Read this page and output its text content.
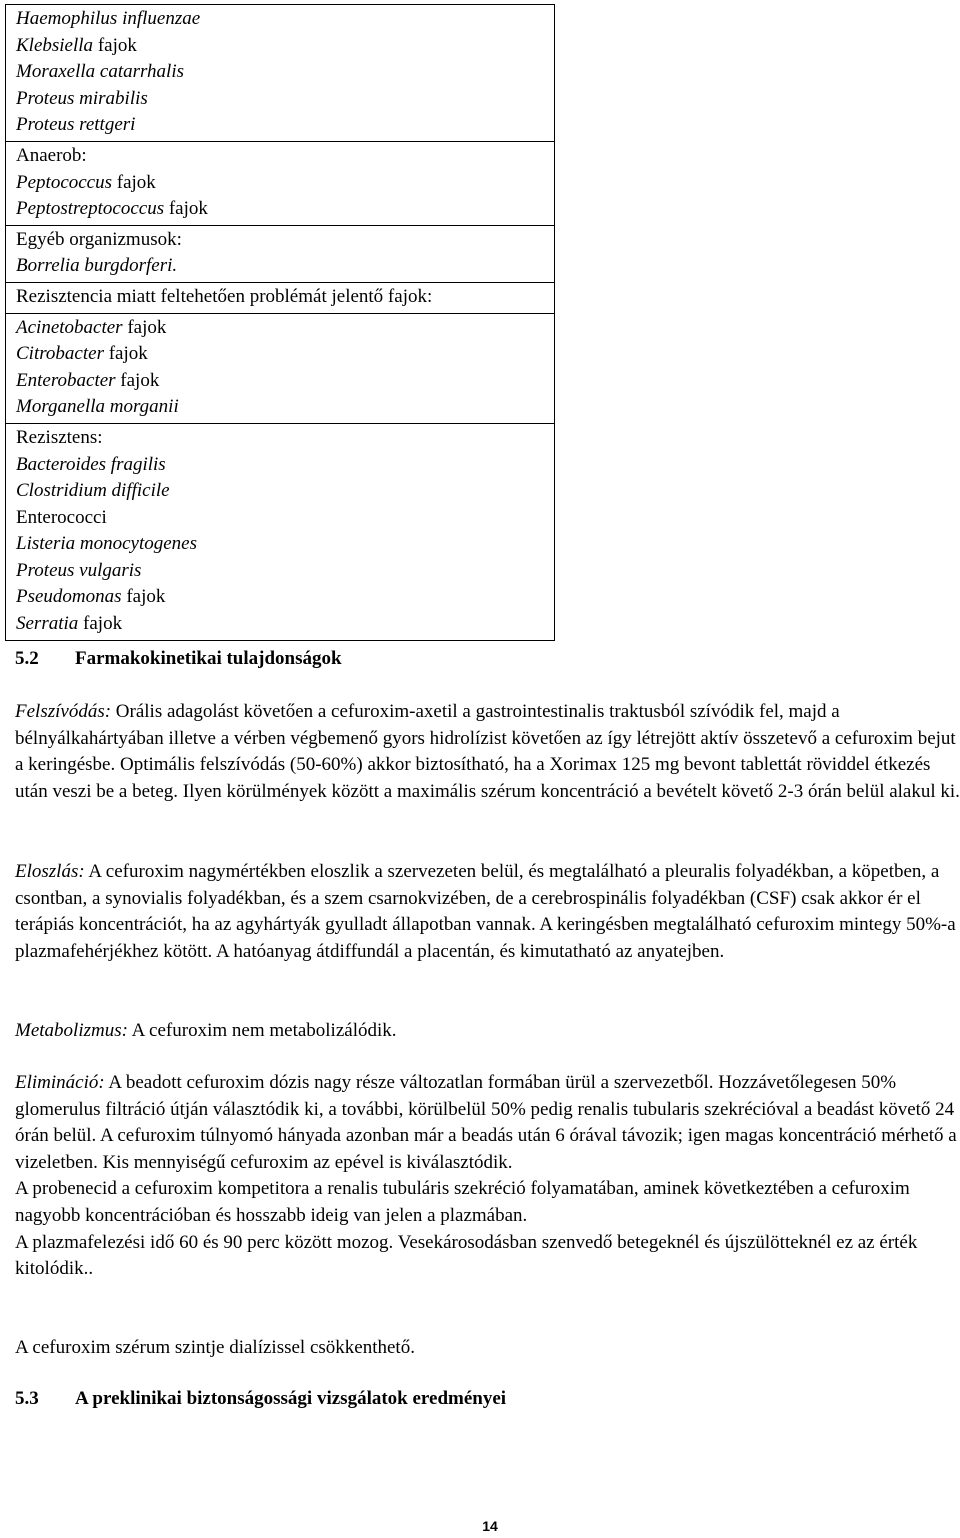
Haemophilus influenzae
Klebsiella fajok
Moraxella catarrhalis
Proteus mirabilis
Proteus rettgeri

Anaerob:
Peptococcus fajok
Peptostreptococcus fajok

Egyéb organizmusok:
Borrelia burgdorferi.

Rezisztencia miatt feltehetően problémát jelentő fajok:

Acinetobacter fajok
Citrobacter fajok
Enterobacter fajok
Morganella morganii

Rezisztens:
Bacteroides fragilis
Clostridium difficile
Enterococci
Listeria monocytogenes
Proteus vulgaris
Pseudomonas fajok
Serratia fajok
5.2 Farmakokinetikai tulajdonságok

Felszívódás: Orális adagolást követően a cefuroxim-axetil a gastrointestinalis traktusból szívódik fel, majd a bélnyálkahártyában illetve a vérben végbemenő gyors hidrolízist követően az így létrejött aktív összetevő a cefuroxim bejut a keringésbe. Optimális felszívódás (50-60%) akkor biztosítható, ha a Xorimax 125 mg bevont tablettát röviddel étkezés után veszi be a beteg. Ilyen körülmények között a maximális szérum koncentráció a bevételt követő 2-3 órán belül alakul ki.

Eloszlás: A cefuroxim nagymértékben eloszlik a szervezeten belül, és megtalálható a pleuralis folyadékban, a köpetben, a csontban, a synovialis folyadékban, és a szem csarnokvizében, de a cerebrospinális folyadékban (CSF) csak akkor ér el terápiás koncentrációt, ha az agyhártyák gyulladt állapotban vannak. A keringésben megtalálható cefuroxim mintegy 50%-a plazmafehérjékhez kötött. A hatóanyag átdiffundál a placentán, és kimutatható az anyatejben.

Metabolizmus: A cefuroxim nem metabolizálódik.

Elimináció: A beadott cefuroxim dózis nagy része változatlan formában ürül a szervezetből. Hozzávetőlegesen 50% glomerulus filtráció útján választódik ki, a további, körülbelül 50% pedig renalis tubularis szekrécióval a beadást követő 24 órán belül. A cefuroxim túlnyomó hányada azonban már a beadás után 6 órával távozik; igen magas koncentráció mérhető a vizeletben. Kis mennyiségű cefuroxim az epével is kiválasztódik.

A probenecid a cefuroxim kompetitora a renalis tubuláris szekréció folyamatában, aminek következtében a cefuroxim nagyobb koncentrációban és hosszabb ideig van jelen a plazmában.

A plazmafelezési idő 60 és 90 perc között mozog. Vesekárosodásban szenvedő betegeknél és újszülötteknél ez az érték kitolódik..

A cefuroxim szérum szintje dialízissel csökkenthető.

5.3 A preklinikai biztonságossági vizsgálatok eredményei
14
